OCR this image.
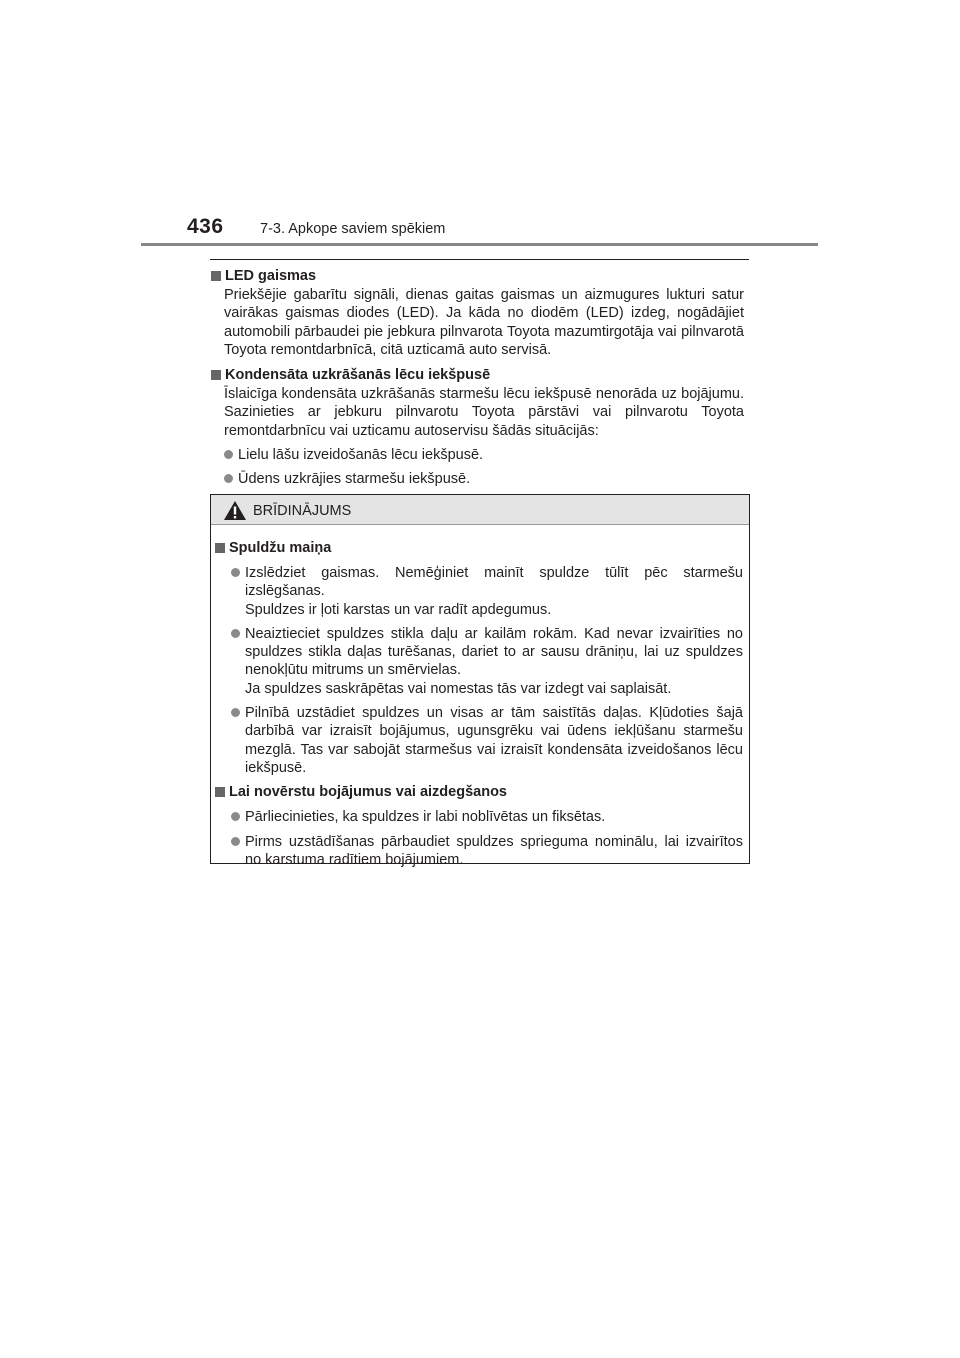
436	7-3. Apkope saviem spēkiem
LED gaismas

Priekšējie gabarītu signāli, dienas gaitas gaismas un aizmugures lukturi satur vairākas gaismas diodes (LED). Ja kāda no diodēm (LED) izdeg, nogādājiet automobili pārbaudei pie jebkura pilnvarota Toyota mazumtirgotāja vai pilnvarotā Toyota remontdarbnīcā, citā uzticamā auto servisā.

Kondensāta uzkrāšanās lēcu iekšpusē

Īslaicīga kondensāta uzkrāšanās starmešu lēcu iekšpusē nenorāda uz bojājumu. Sazinieties ar jebkuru pilnvarotu Toyota pārstāvi vai pilnvarotu Toyota remontdarbnīcu vai uzticamu autoservisu šādās situācijās:

Lielu lāšu izveidošanās lēcu iekšpusē.
Ūdens uzkrājies starmešu iekšpusē.
BRĪDINĀJUMS
Spuldžu maiņa
Izslēdziet gaismas. Nemēģiniet mainīt spuldze tūlīt pēc starmešu izslēgšanas.
Spuldzes ir ļoti karstas un var radīt apdegumus.
Neaiztieciet spuldzes stikla daļu ar kailām rokām. Kad nevar izvairīties no spuldzes stikla daļas turēšanas, dariet to ar sausu drāniņu, lai uz spuldzes nenokļūtu mitrums un smērvielas.
Ja spuldzes saskrāpētas vai nomestas tās var izdegt vai saplaisāt.
Pilnībā uzstādiet spuldzes un visas ar tām saistītās daļas. Kļūdoties šajā darbībā var izraisīt bojājumus, ugunsgrēku vai ūdens iekļūšanu starmešu mezglā. Tas var sabojāt starmešus vai izraisīt kondensāta izveidošanos lēcu iekšpusē.
Lai novērstu bojājumus vai aizdegšanos
Pārliecinieties, ka spuldzes ir labi noblīvētas un fiksētas.
Pirms uzstādīšanas pārbaudiet spuldzes sprieguma nominālu, lai izvairītos no karstuma radītiem bojājumiem.
